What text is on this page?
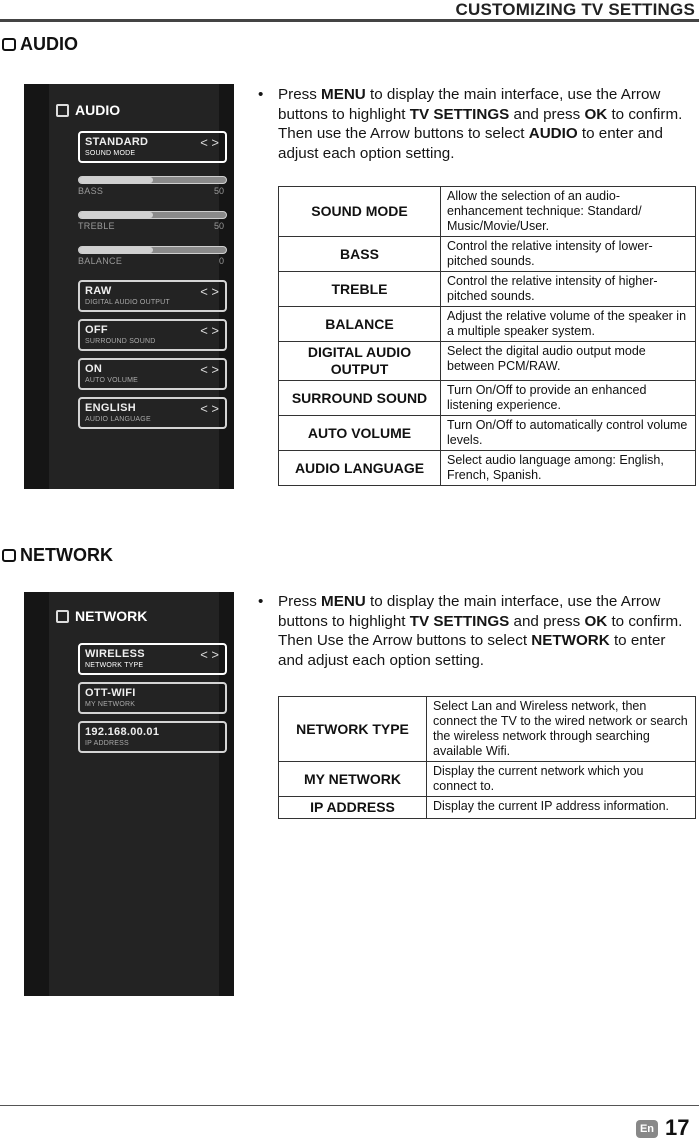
CUSTOMIZING TV SETTINGS
AUDIO
AUDIO
STANDARD
SOUND MODE
< >
BASS	50
TREBLE	50
BALANCE	0
RAW
DIGITAL AUDIO OUTPUT
< >
OFF
SURROUND SOUND
< >
ON
AUTO VOLUME
< >
ENGLISH
AUDIO LANGUAGE
< >
• Press MENU to display the main interface, use the Arrow buttons to highlight TV SETTINGS and press OK to confirm. Then use the Arrow buttons to select AUDIO to enter and adjust each option setting.
SOUND MODE	Allow the selection of an audio-enhancement technique: Standard/ Music/Movie/User.
BASS	Control the relative intensity of lower-pitched sounds.
TREBLE	Control the relative intensity of higher-pitched sounds.
BALANCE	Adjust the relative volume of the speaker in a multiple speaker system.
DIGITAL AUDIO OUTPUT	Select the digital audio output mode between PCM/RAW.
SURROUND SOUND	Turn On/Off to provide an enhanced listening experience.
AUTO VOLUME	Turn On/Off to automatically control volume levels.
AUDIO LANGUAGE	Select audio language among: English, French, Spanish.
NETWORK
NETWORK
WIRELESS
NETWORK TYPE
< >
OTT-WIFI
MY NETWORK
192.168.00.01
IP ADDRESS
• Press MENU to display the main interface, use the Arrow buttons to highlight TV SETTINGS and press OK to confirm. Then Use the Arrow buttons to select NETWORK to enter and adjust each option setting.
NETWORK TYPE	Select Lan and Wireless network, then connect the TV to the wired network or search the wireless network through searching available Wifi.
MY NETWORK	Display the current network which you connect to.
IP ADDRESS	Display the current IP address information.
En 17
